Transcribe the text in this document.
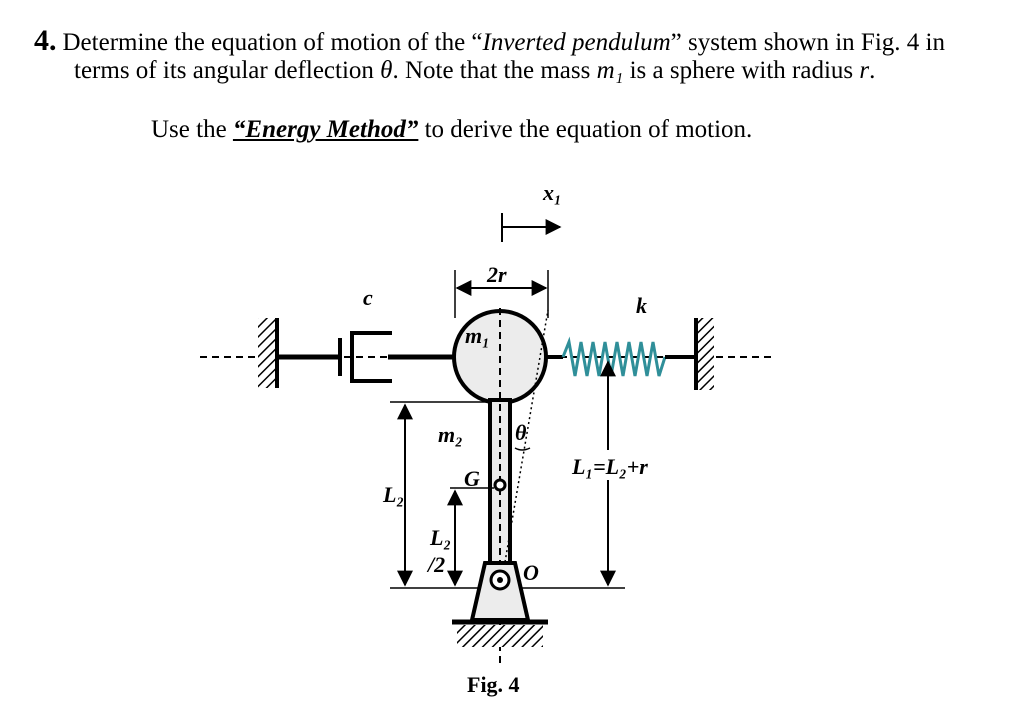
4. Determine the equation of motion of the “Inverted pendulum” system shown in Fig. 4 in
terms of its angular deflection θ. Note that the mass m₁ is a sphere with radius r.
Use the “Energy Method” to derive the equation of motion.
c
x₁
2r
m₁
θ
k
m₂
G
L₂
L₂
/2	O
L₁=L₂+r
Fig. 4
